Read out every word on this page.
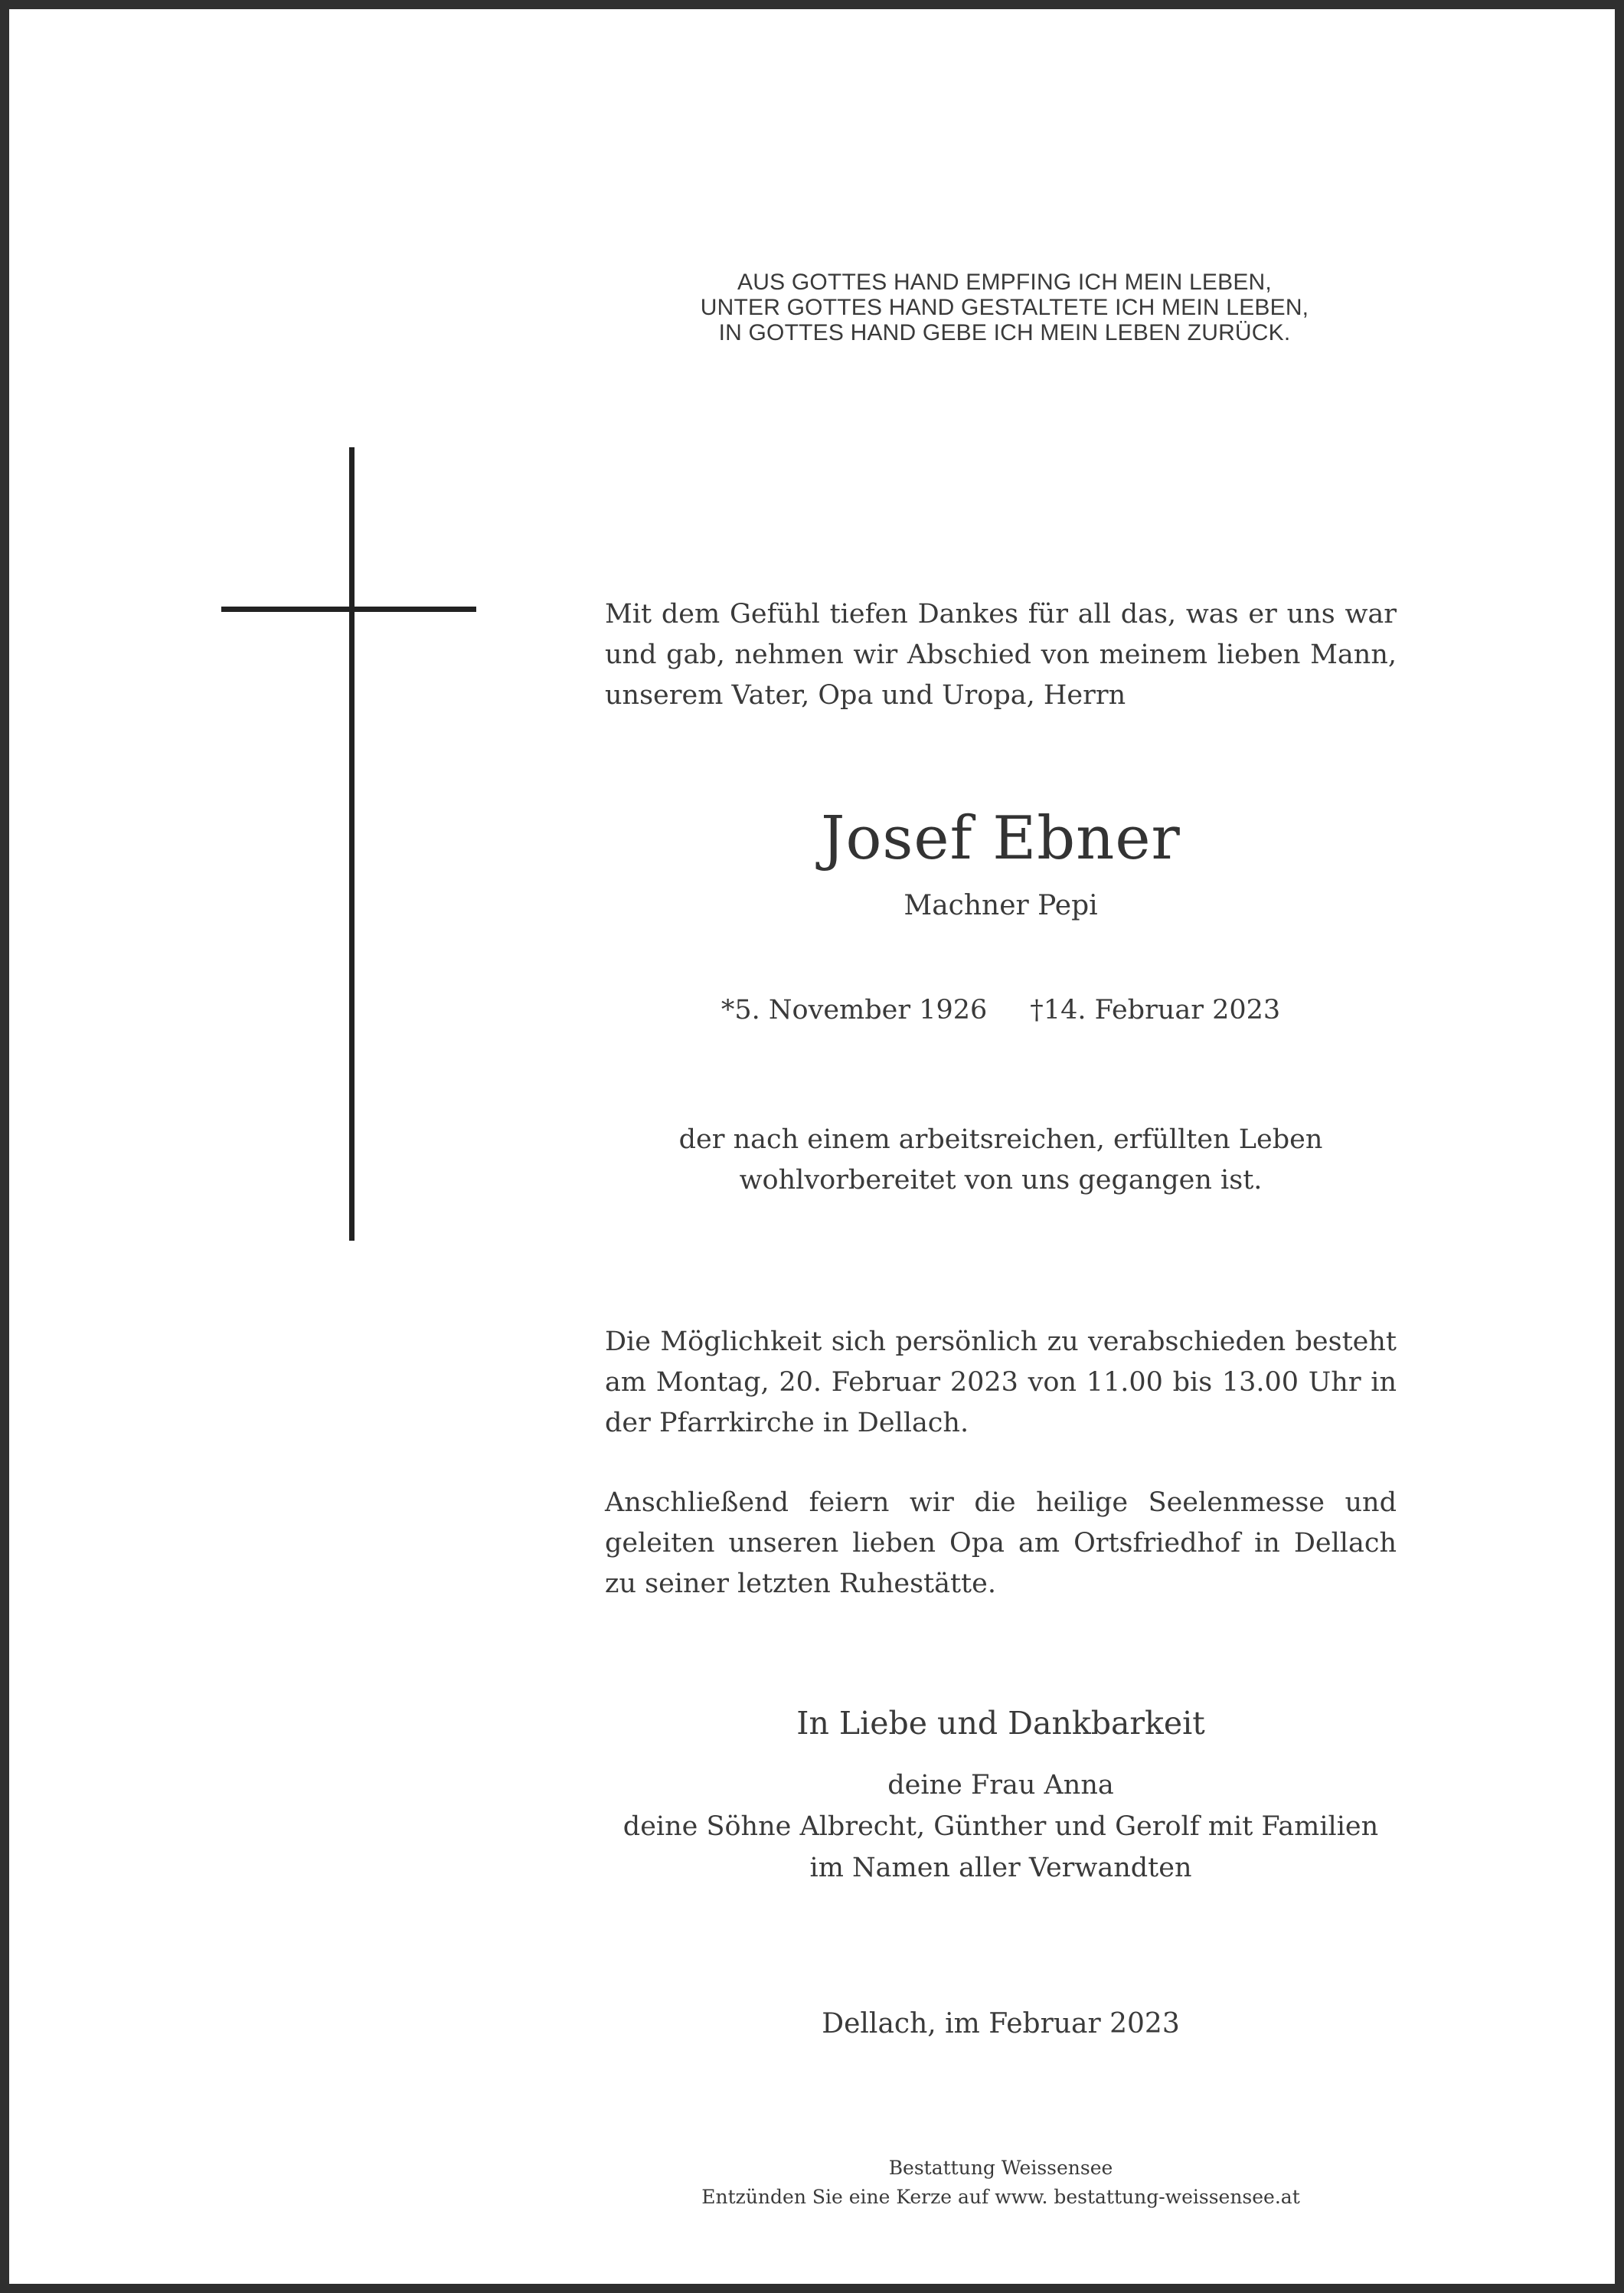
AUS GOTTES HAND EMPFING ICH MEIN LEBEN,
UNTER GOTTES HAND GESTALTETE ICH MEIN LEBEN,
IN GOTTES HAND GEBE ICH MEIN LEBEN ZURÜCK.
Mit dem Gefühl tiefen Dankes für all das, was er uns war und gab, nehmen wir Abschied von meinem lieben Mann, unserem Vater, Opa und Uropa, Herrn
Josef Ebner
Machner Pepi
*5. November 1926 †14. Februar 2023
der nach einem arbeitsreichen, erfüllten Leben
wohlvorbereitet von uns gegangen ist.
Die Möglichkeit sich persönlich zu verabschieden besteht am Montag, 20. Februar 2023 von 11.00 bis 13.00 Uhr in der Pfarrkirche in Dellach.
Anschließend feiern wir die heilige Seelenmesse und geleiten unseren lieben Opa am Ortsfriedhof in Dellach zu seiner letzten Ruhestätte.
In Liebe und Dankbarkeit
deine Frau Anna
deine Söhne Albrecht, Günther und Gerolf mit Familien
im Namen aller Verwandten
Dellach, im Februar 2023
Bestattung Weissensee
Entzünden Sie eine Kerze auf www. bestattung-weissensee.at
